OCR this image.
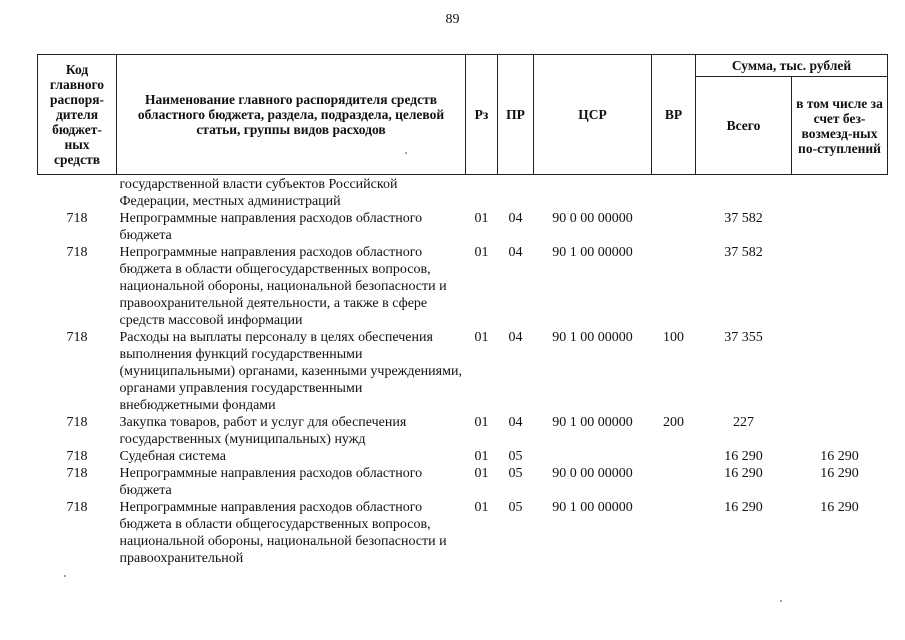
89
Код главного распоря-дителя бюджет-ных средств	Наименование главного распорядителя средств областного бюджета, раздела, подраздела, целевой статьи, группы видов расходов	Рз	ПР	ЦСР	ВР	Сумма, тыс. рублей	
						Всего	в том числе за счет без-возмезд-ных по-ступлений
	государственной власти субъектов Российской Федерации, местных администраций						
718	Непрограммные направления расходов областного бюджета	01	04	90 0 00 00000		37 582	
718	Непрограммные направления расходов областного бюджета в области общегосударственных вопросов, национальной обороны, национальной безопасности и правоохранительной деятельности, а также в сфере средств массовой информации	01	04	90 1 00 00000		37 582	
718	Расходы на выплаты персоналу в целях обеспечения выполнения функций государственными (муниципальными) органами, казенными учреждениями, органами управления государственными внебюджетными фондами	01	04	90 1 00 00000	100	37 355	
718	Закупка товаров, работ и услуг для обеспечения государственных (муниципальных) нужд	01	04	90 1 00 00000	200	227	
718	Судебная система	01	05			16 290	16 290
718	Непрограммные направления расходов областного бюджета	01	05	90 0 00 00000		16 290	16 290
718	Непрограммные направления расходов областного бюджета в области общегосударственных вопросов, национальной обороны, национальной безопасности и правоохранительной	01	05	90 1 00 00000		16 290	16 290
